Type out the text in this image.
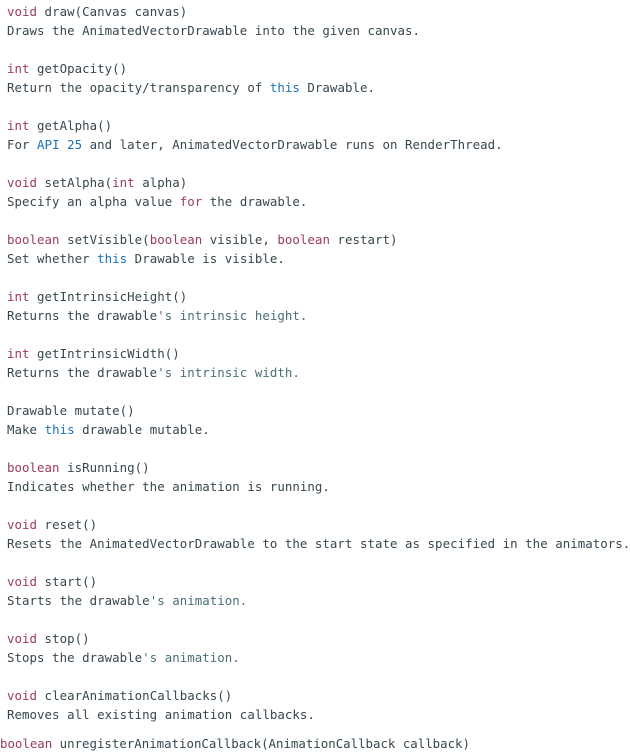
void draw(Canvas canvas)
Draws the AnimatedVectorDrawable into the given canvas.
int getOpacity()
Return the opacity/transparency of this Drawable.
int getAlpha()
For API 25 and later, AnimatedVectorDrawable runs on RenderThread.
void setAlpha(int alpha)
Specify an alpha value for the drawable.
boolean setVisible(boolean visible, boolean restart)
Set whether this Drawable is visible.
int getIntrinsicHeight()
Returns the drawable's intrinsic height.
int getIntrinsicWidth()
Returns the drawable's intrinsic width.
Drawable mutate()
Make this drawable mutable.
boolean isRunning()
Indicates whether the animation is running.
void reset()
Resets the AnimatedVectorDrawable to the start state as specified in the animators.
void start()
Starts the drawable's animation.
void stop()
Stops the drawable's animation.
void clearAnimationCallbacks()
Removes all existing animation callbacks.
boolean unregisterAnimationCallback(AnimationCallback callback)
